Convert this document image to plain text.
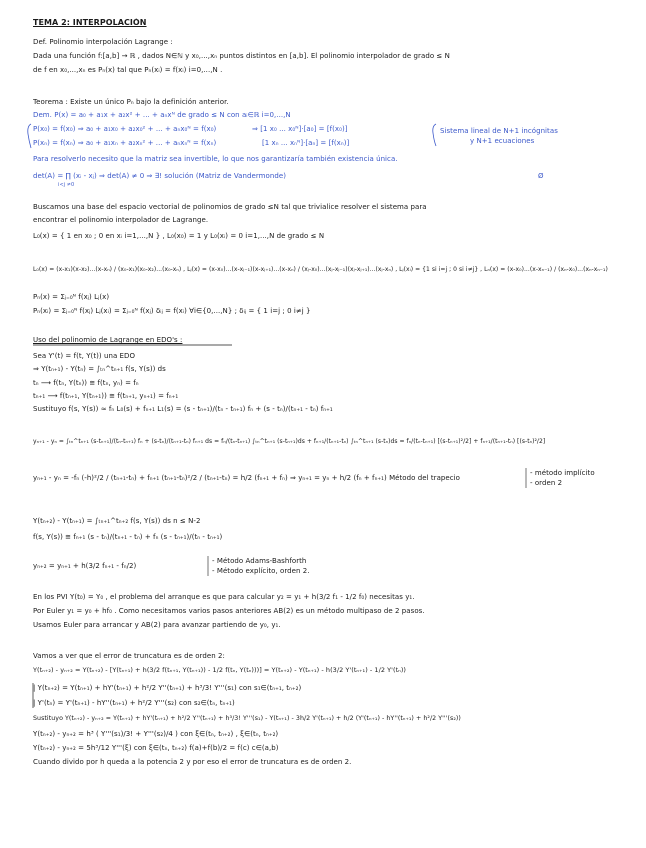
TEMA 2: INTERPOLACIÓN
Def. Polinomio interpolación Lagrange :
Dada una función f:[a,b] → ℝ , dados N∈ℕ y x₀,...,xₙ puntos distintos en [a,b]. El polinomio interpolador de grado ≤ N
de f en x₀,...,xₙ es Pₙ(x) tal que Pₙ(xᵢ) = f(xᵢ) i=0,...,N .
Teorema : Existe un único Pₙ bajo la definición anterior.
Dem. P(x) = a₀ + a₁x + a₂x² + ... + aₙxᴺ de grado ≤ N con aᵢ∈ℝ i=0,...,N
P(x₀) = f(x₀) ⇒ a₀ + a₁x₀ + a₂x₀² + ... + aₙx₀ᴺ = f(x₀)
P(xₙ) = f(xₙ) ⇒ a₀ + a₁xₙ + a₂xₙ² + ... + aₙxₙᴺ = f(xₙ)
⇒ [1 x₀ ... x₀ᴺ]·[a₀] = [f(x₀)]
[1 xₙ ... xₙᴺ]·[aₙ] = [f(xₙ)]
Sistema lineal de N+1 incógnitas
y N+1 ecuaciones
Para resolverlo necesito que la matriz sea invertible, lo que nos garantizaría también existencia única.
det(A) = ∏ (xᵢ - xⱼ) ⇒ det(A) ≠ 0 ⇒ ∃! solución (Matriz de Vandermonde)
i<j ≠0
Ø
Buscamos una base del espacio vectorial de polinomios de grado ≤N tal que trivialice resolver el sistema para
encontrar el polinomio interpolador de Lagrange.
L₀(x) = { 1 en x₀ ; 0 en xᵢ i=1,...,N } , L₀(x₀) = 1 y L₀(xᵢ) = 0 i=1,...,N de grado ≤ N
L₀(x) = (x-x₁)(x-x₂)...(x-xₙ) / (x₀-x₁)(x₀-x₂)...(x₀-xₙ) , Lⱼ(x) = (x-x₀)...(x-xⱼ₋₁)(x-xⱼ₊₁)...(x-xₙ) / (xⱼ-x₀)...(xⱼ-xⱼ₋₁)(xⱼ-xⱼ₊₁)...(xⱼ-xₙ) , Lⱼ(xᵢ) = {1 si i=j ; 0 si i≠j} , Lₙ(x) = (x-x₀)...(x-xₙ₋₁) / (xₙ-x₀)...(xₙ-xₙ₋₁)
Pₙ(x) = Σⱼ₌₀ᴺ f(xⱼ) Lⱼ(x)
Pₙ(xᵢ) = Σⱼ₌₀ᴺ f(xⱼ) Lⱼ(xᵢ) = Σⱼ₌₀ᴺ f(xⱼ) δᵢⱼ = f(xᵢ) ∀i∈{0,...,N} ; δᵢⱼ = { 1 i=j ; 0 i≠j }
Uso del polinomio de Lagrange en EDO's :
Sea Y'(t) = f(t, Y(t)) una EDO
⇒ Y(tₙ₊₁) - Y(tₙ) = ∫ₜₙ^tₙ₊₁ f(s, Y(s)) ds
tₙ ⟶ f(tₙ, Y(tₙ)) ≅ f(tₙ, yₙ) = fₙ
tₙ₊₁ ⟶ f(tₙ₊₁, Y(tₙ₊₁)) ≅ f(tₙ₊₁, yₙ₊₁) = fₙ₊₁
Sustituyo f(s, Y(s)) ≈ fₙ L₀(s) + fₙ₊₁ L₁(s) = (s - tₙ₊₁)/(tₙ - tₙ₊₁) fₙ + (s - tₙ)/(tₙ₊₁ - tₙ) fₙ₊₁
yₙ₊₁ - yₙ = ∫ₜₙ^tₙ₊₁ (s-tₙ₊₁)/(tₙ-tₙ₊₁) fₙ + (s-tₙ)/(tₙ₊₁-tₙ) fₙ₊₁ ds = fₙ/(tₙ-tₙ₊₁) ∫ₜₙ^tₙ₊₁ (s-tₙ₊₁)ds + fₙ₊₁/(tₙ₊₁-tₙ) ∫ₜₙ^tₙ₊₁ (s-tₙ)ds = fₙ/(tₙ-tₙ₊₁) [(s-tₙ₊₁)²/2] + fₙ₊₁/(tₙ₊₁-tₙ) [(s-tₙ)²/2]
yₙ₊₁ - yₙ = -fₙ (-h)²/2 / (tₙ₊₁-tₙ) + fₙ₊₁ (tₙ₊₁-tₙ)²/2 / (tₙ₊₁-tₙ) = h/2 (fₙ₊₁ + fₙ) ⇒ yₙ₊₁ = yₙ + h/2 (fₙ + fₙ₊₁) Método del trapecio
- método implícito
- orden 2
Y(tₙ₊₂) - Y(tₙ₊₁) = ∫ₜₙ₊₁^tₙ₊₂ f(s, Y(s)) ds n ≤ N-2
f(s, Y(s)) ≅ fₙ₊₁ (s - tₙ)/(tₙ₊₁ - tₙ) + fₙ (s - tₙ₊₁)/(tₙ - tₙ₊₁)
yₙ₊₂ = yₙ₊₁ + h(3/2 fₙ₊₁ - fₙ/2)
- Método Adams-Bashforth
- Método explícito, orden 2.
En los PVI Y(t₀) = Y₀ , el problema del arranque es que para calcular y₂ = y₁ + h(3/2 f₁ - 1/2 f₀) necesitas y₁.
Por Euler y₁ = y₀ + hf₀ . Como necesitamos varios pasos anteriores AB(2) es un método multipaso de 2 pasos.
Usamos Euler para arrancar y AB(2) para avanzar partiendo de y₀, y₁.
Vamos a ver que el error de truncatura es de orden 2:
Y(tₙ₊₂) - yₙ₊₂ = Y(tₙ₊₂) - [Y(tₙ₊₁) + h(3/2 f(tₙ₊₁, Y(tₙ₊₁)) - 1/2 f(tₙ, Y(tₙ)))] = Y(tₙ₊₂) - Y(tₙ₊₁) - h(3/2 Y'(tₙ₊₁) - 1/2 Y'(tₙ))
| Y(tₙ₊₂) = Y(tₙ₊₁) + hY'(tₙ₊₁) + h²/2 Y''(tₙ₊₁) + h³/3! Y'''(s₁) con s₁∈(tₙ₊₁, tₙ₊₂)
| Y'(tₙ) = Y'(tₙ₊₁) - hY''(tₙ₊₁) + h²/2 Y'''(s₂) con s₂∈(tₙ, tₙ₊₁)
Sustituyo Y(tₙ₊₂) - yₙ₊₂ = Y(tₙ₊₁) + hY'(tₙ₊₁) + h²/2 Y''(tₙ₊₁) + h³/3! Y'''(s₁) - Y(tₙ₊₁) - 3h/2 Y'(tₙ₊₁) + h/2 (Y'(tₙ₊₁) - hY''(tₙ₊₁) + h²/2 Y'''(s₂))
Y(tₙ₊₂) - yₙ₊₂ = h³ ( Y'''(s₁)/3! + Y'''(s₂)/4 ) con ξ∈(tₙ, tₙ₊₂) , ξ∈(tₙ, tₙ₊₂)
Y(tₙ₊₂) - yₙ₊₂ = 5h³/12 Y'''(ξ) con ξ∈(tₙ, tₙ₊₂) f(a)+f(b)/2 = f(c) c∈(a,b)
Cuando divido por h queda a la potencia 2 y por eso el error de truncatura es de orden 2.
